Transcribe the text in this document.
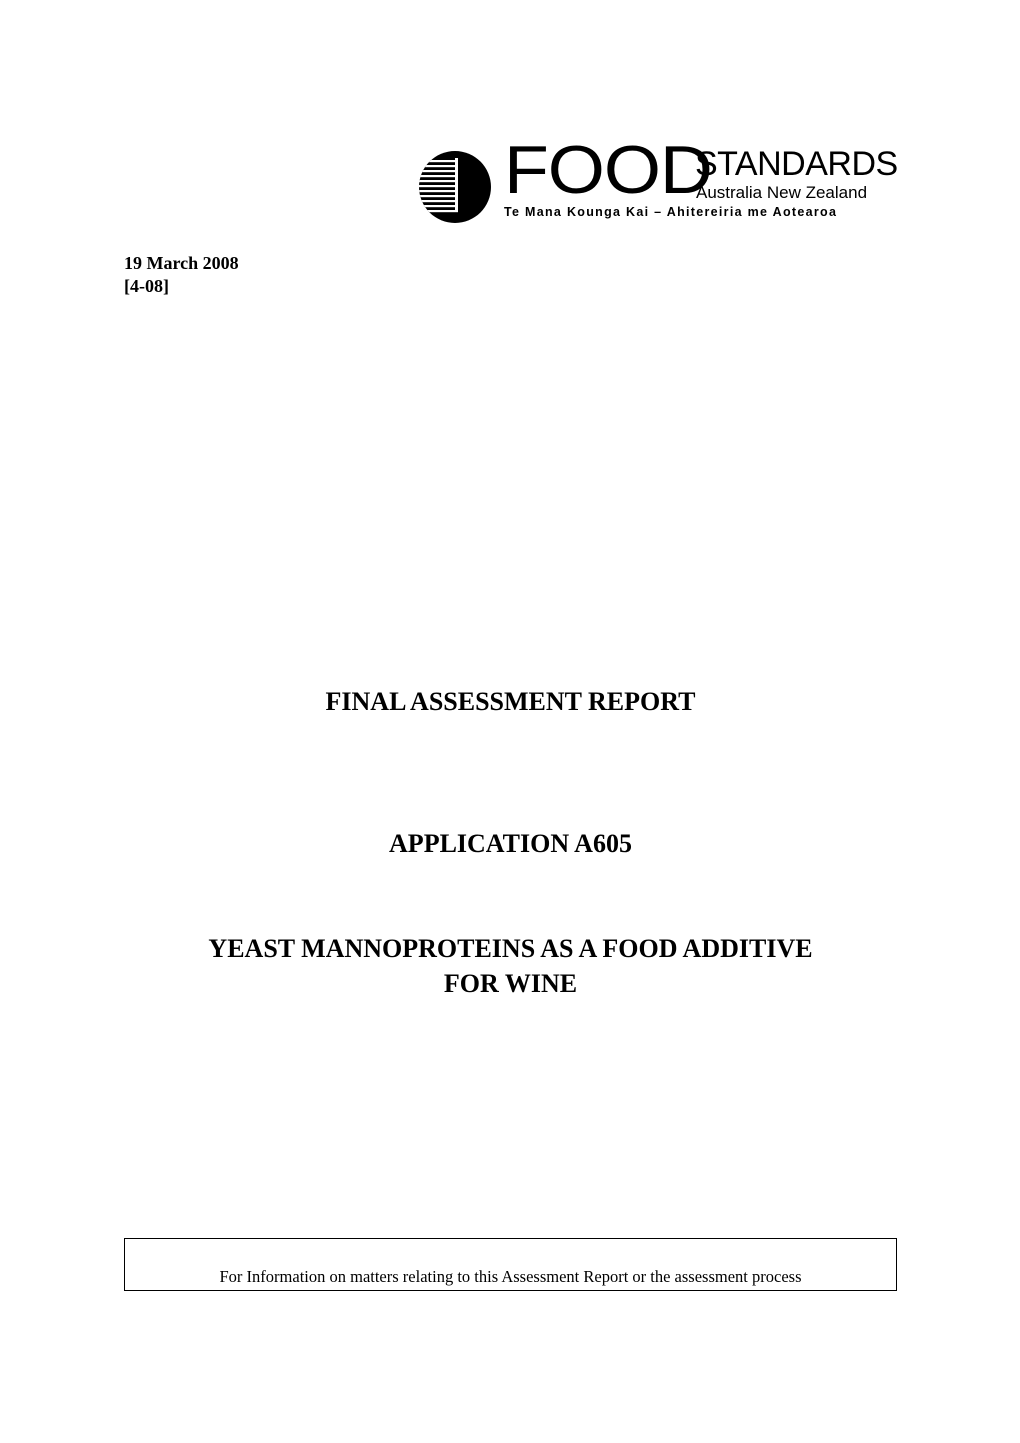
FOOD
STANDARDS
Australia New Zealand
Te Mana Kounga Kai – Ahitereiria me Aotearoa
19 March 2008
[4-08]
FINAL ASSESSMENT REPORT
APPLICATION A605
YEAST MANNOPROTEINS AS A FOOD ADDITIVE
FOR WINE
For Information on matters relating to this Assessment Report or the assessment process
